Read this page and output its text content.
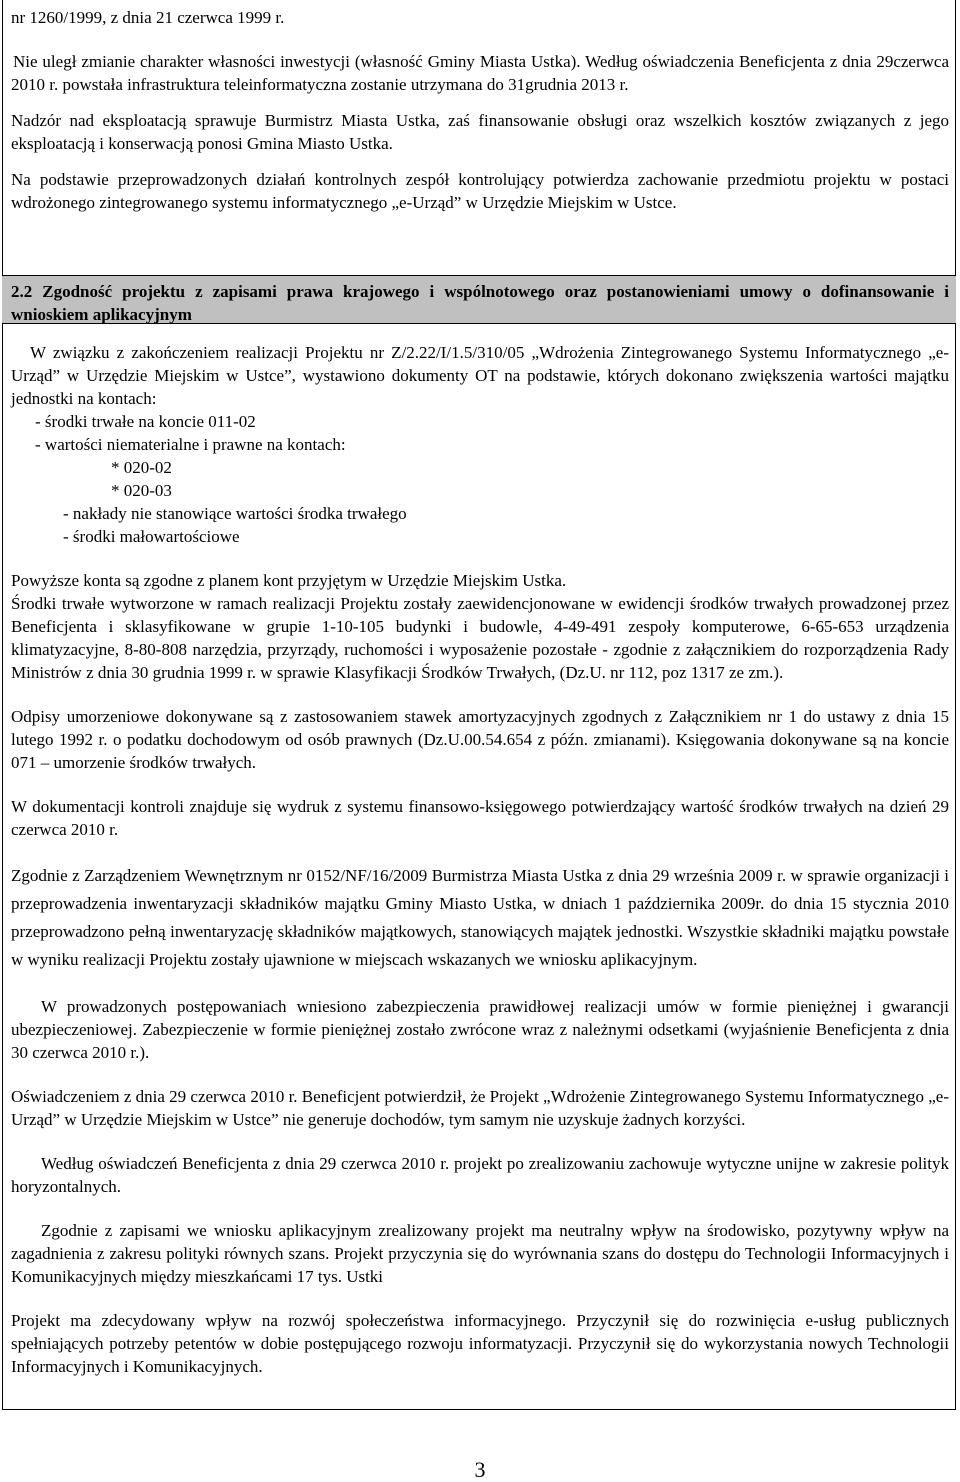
nr 1260/1999, z dnia 21 czerwca 1999 r.

Nie uległ zmianie charakter własności inwestycji (własność Gminy Miasta Ustka). Według oświadczenia Beneficjenta z dnia 29czerwca 2010 r. powstała infrastruktura teleinformatyczna zostanie utrzymana do 31grudnia 2013 r.

Nadzór nad eksploatacją sprawuje Burmistrz Miasta Ustka, zaś finansowanie obsługi oraz wszelkich kosztów związanych z jego eksploatacją i konserwacją ponosi Gmina Miasto Ustka.

Na podstawie przeprowadzonych działań kontrolnych zespół kontrolujący potwierdza zachowanie przedmiotu projektu w postaci wdrożonego zintegrowanego systemu informatycznego „e-Urząd” w Urzędzie Miejskim w Ustce.

2.2 Zgodność projektu z zapisami prawa krajowego i wspólnotowego oraz postanowieniami umowy o dofinansowanie i wnioskiem aplikacyjnym

W związku z zakończeniem realizacji Projektu nr Z/2.22/I/1.5/310/05 „Wdrożenia Zintegrowanego Systemu Informatycznego „e-Urząd” w Urzędzie Miejskim w Ustce”, wystawiono dokumenty OT na podstawie, których dokonano zwiększenia wartości majątku jednostki na kontach:

- środki trwałe na koncie 011-02
- wartości niematerialne i prawne na kontach:
* 020-02
* 020-03
- nakłady nie stanowiące wartości środka trwałego
- środki małowartościowe

Powyższe konta są zgodne z planem kont przyjętym w Urzędzie Miejskim Ustka.

Środki trwałe wytworzone w ramach realizacji Projektu zostały zaewidencjonowane w ewidencji środków trwałych prowadzonej przez Beneficjenta i sklasyfikowane w grupie 1-10-105 budynki i budowle, 4-49-491 zespoły komputerowe, 6-65-653 urządzenia klimatyzacyjne, 8-80-808 narzędzia, przyrządy, ruchomości i wyposażenie pozostałe - zgodnie z załącznikiem do rozporządzenia Rady Ministrów z dnia 30 grudnia 1999 r. w sprawie Klasyfikacji Środków Trwałych, (Dz.U. nr 112, poz 1317 ze zm.).

Odpisy umorzeniowe dokonywane są z zastosowaniem stawek amortyzacyjnych zgodnych z Załącznikiem nr 1 do ustawy z dnia 15 lutego 1992 r. o podatku dochodowym od osób prawnych (Dz.U.00.54.654 z późn. zmianami). Księgowania dokonywane są na koncie 071 – umorzenie środków trwałych.

W dokumentacji kontroli znajduje się wydruk z systemu finansowo-księgowego potwierdzający wartość środków trwałych na dzień 29 czerwca 2010 r.

Zgodnie z Zarządzeniem Wewnętrznym nr 0152/NF/16/2009 Burmistrza Miasta Ustka z dnia 29 września 2009 r. w sprawie organizacji i przeprowadzenia inwentaryzacji składników majątku Gminy Miasto Ustka, w dniach 1 października 2009r. do dnia 15 stycznia 2010 przeprowadzono pełną inwentaryzację składników majątkowych, stanowiących majątek jednostki. Wszystkie składniki majątku powstałe w wyniku realizacji Projektu zostały ujawnione w miejscach wskazanych we wniosku aplikacyjnym.

W prowadzonych postępowaniach wniesiono zabezpieczenia prawidłowej realizacji umów w formie pieniężnej i gwarancji ubezpieczeniowej. Zabezpieczenie w formie pieniężnej zostało zwrócone wraz z należnymi odsetkami (wyjaśnienie Beneficjenta z dnia 30 czerwca 2010 r.).

Oświadczeniem z dnia 29 czerwca 2010 r. Beneficjent potwierdził, że Projekt „Wdrożenie Zintegrowanego Systemu Informatycznego „e-Urząd” w Urzędzie Miejskim w Ustce” nie generuje dochodów, tym samym nie uzyskuje żadnych korzyści.

Według oświadczeń Beneficjenta z dnia 29 czerwca 2010 r. projekt po zrealizowaniu zachowuje wytyczne unijne w zakresie polityk horyzontalnych.

Zgodnie z zapisami we wniosku aplikacyjnym zrealizowany projekt ma neutralny wpływ na środowisko, pozytywny wpływ na zagadnienia z zakresu polityki równych szans. Projekt przyczynia się do wyrównania szans do dostępu do Technologii Informacyjnych i Komunikacyjnych między mieszkańcami 17 tys. Ustki

Projekt ma zdecydowany wpływ na rozwój społeczeństwa informacyjnego. Przyczynił się do rozwinięcia e-usług publicznych spełniających potrzeby petentów w dobie postępującego rozwoju informatyzacji. Przyczynił się do wykorzystania nowych Technologii Informacyjnych i Komunikacyjnych.

3
